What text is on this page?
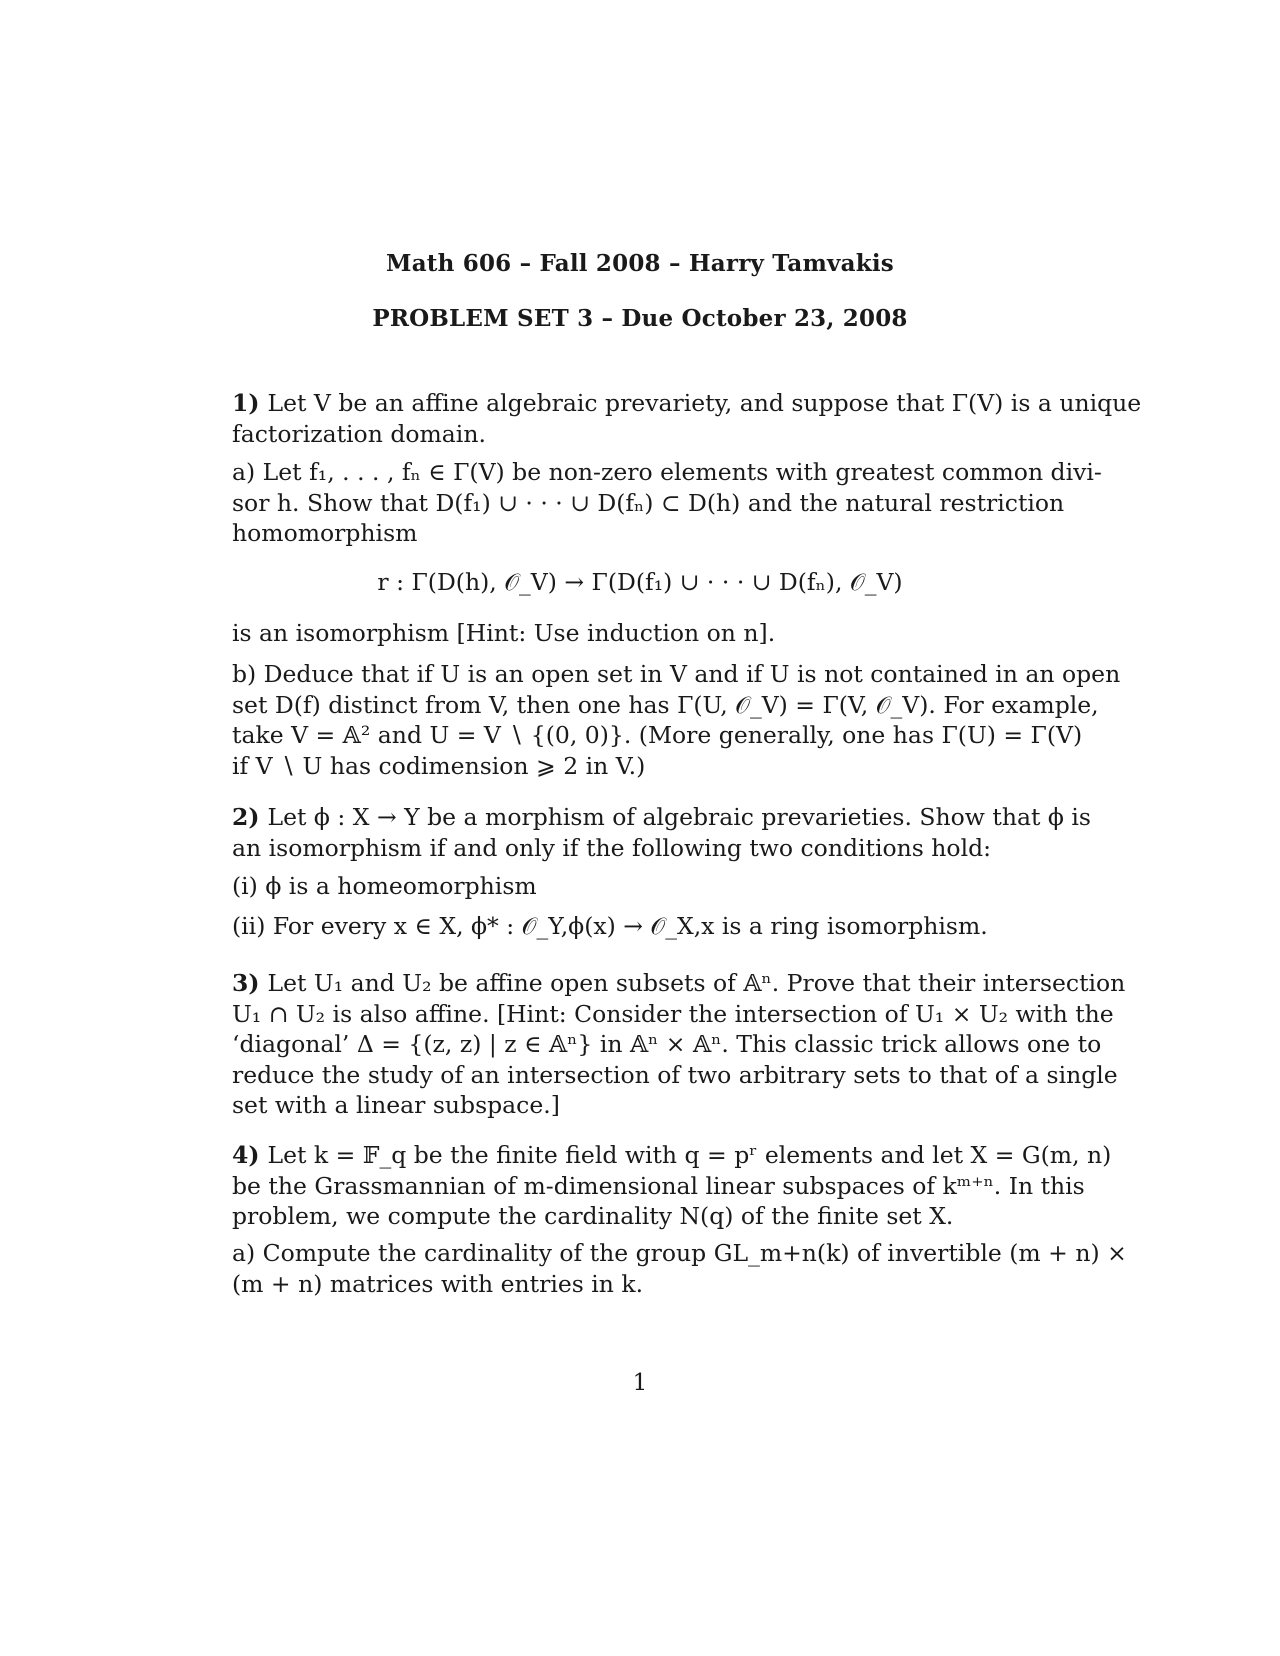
Math 606 – Fall 2008 – Harry Tamvakis
PROBLEM SET 3 – Due October 23, 2008
1) Let V be an affine algebraic prevariety, and suppose that Γ(V) is a unique
factorization domain.
a) Let f₁, . . . , fₙ ∈ Γ(V) be non-zero elements with greatest common divi-
sor h. Show that D(f₁) ∪ · · · ∪ D(fₙ) ⊂ D(h) and the natural restriction
homomorphism
r : Γ(D(h), 𝒪_V) → Γ(D(f₁) ∪ · · · ∪ D(fₙ), 𝒪_V)
is an isomorphism [Hint: Use induction on n].
b) Deduce that if U is an open set in V and if U is not contained in an open
set D(f) distinct from V, then one has Γ(U, 𝒪_V) = Γ(V, 𝒪_V). For example,
take V = 𝔸² and U = V ∖ {(0, 0)}. (More generally, one has Γ(U) = Γ(V)
if V ∖ U has codimension ⩾ 2 in V.)
2) Let ϕ : X → Y be a morphism of algebraic prevarieties. Show that ϕ is
an isomorphism if and only if the following two conditions hold:
(i) ϕ is a homeomorphism
(ii) For every x ∈ X, ϕ* : 𝒪_Y,ϕ(x) → 𝒪_X,x is a ring isomorphism.
3) Let U₁ and U₂ be affine open subsets of 𝔸ⁿ. Prove that their intersection
U₁ ∩ U₂ is also affine. [Hint: Consider the intersection of U₁ × U₂ with the
‘diagonal’ Δ = {(z, z) | z ∈ 𝔸ⁿ} in 𝔸ⁿ × 𝔸ⁿ. This classic trick allows one to
reduce the study of an intersection of two arbitrary sets to that of a single
set with a linear subspace.]
4) Let k = 𝔽_q be the finite field with q = pʳ elements and let X = G(m, n)
be the Grassmannian of m-dimensional linear subspaces of kᵐ⁺ⁿ. In this
problem, we compute the cardinality N(q) of the finite set X.
a) Compute the cardinality of the group GL_m+n(k) of invertible (m + n) ×
(m + n) matrices with entries in k.
1
